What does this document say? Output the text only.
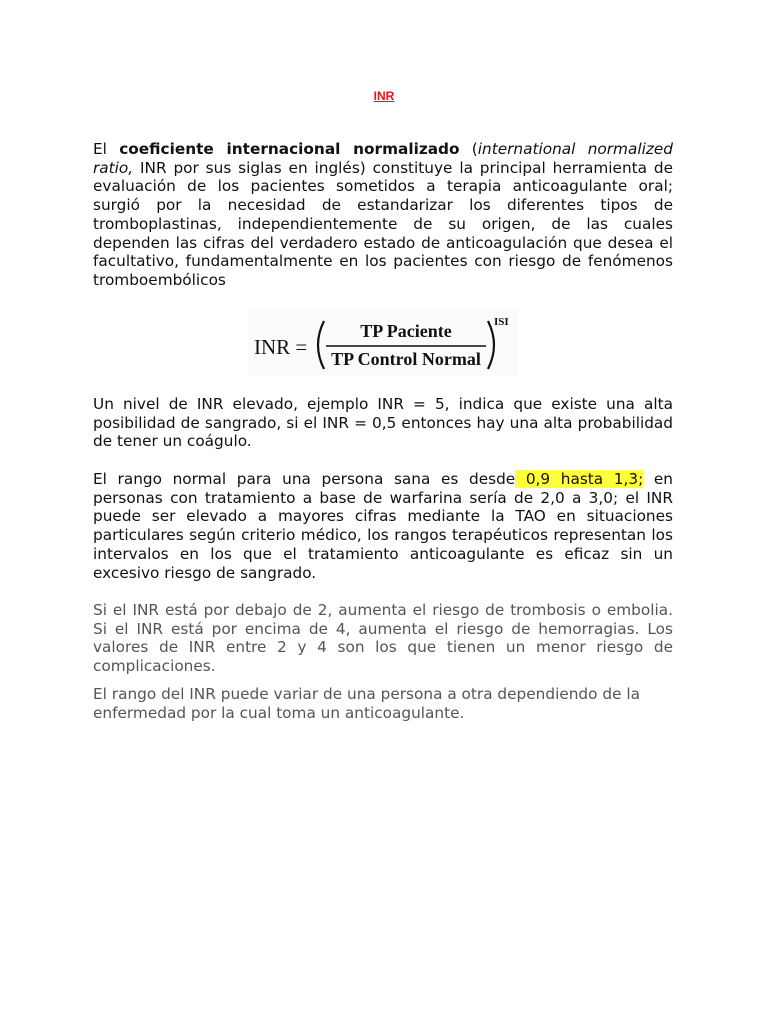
INR

El coeficiente internacional normalizado (international normalized ratio, INR por sus siglas en inglés) constituye la principal herramienta de evaluación de los pacientes sometidos a terapia anticoagulante oral; surgió por la necesidad de estandarizar los diferentes tipos de tromboplastinas, independientemente de su origen, de las cuales dependen las cifras del verdadero estado de anticoagulación que desea el facultativo, fundamentalmente en los pacientes con riesgo de fenómenos tromboembólicos

INR =
TP Paciente
TP Control Normal
ISI

Un nivel de INR elevado, ejemplo INR = 5, indica que existe una alta posibilidad de sangrado, si el INR = 0,5 entonces hay una alta probabilidad de tener un coágulo.

El rango normal para una persona sana es desde 0,9 hasta 1,3; en personas con tratamiento a base de warfarina sería de 2,0 a 3,0; el INR puede ser elevado a mayores cifras mediante la TAO en situaciones particulares según criterio médico, los rangos terapéuticos representan los intervalos en los que el tratamiento anticoagulante es eficaz sin un excesivo riesgo de sangrado.

Si el INR está por debajo de 2, aumenta el riesgo de trombosis o embolia. Si el INR está por encima de 4, aumenta el riesgo de hemorragias. Los valores de INR entre 2 y 4 son los que tienen un menor riesgo de complicaciones.

El rango del INR puede variar de una persona a otra dependiendo de la enfermedad por la cual toma un anticoagulante.
